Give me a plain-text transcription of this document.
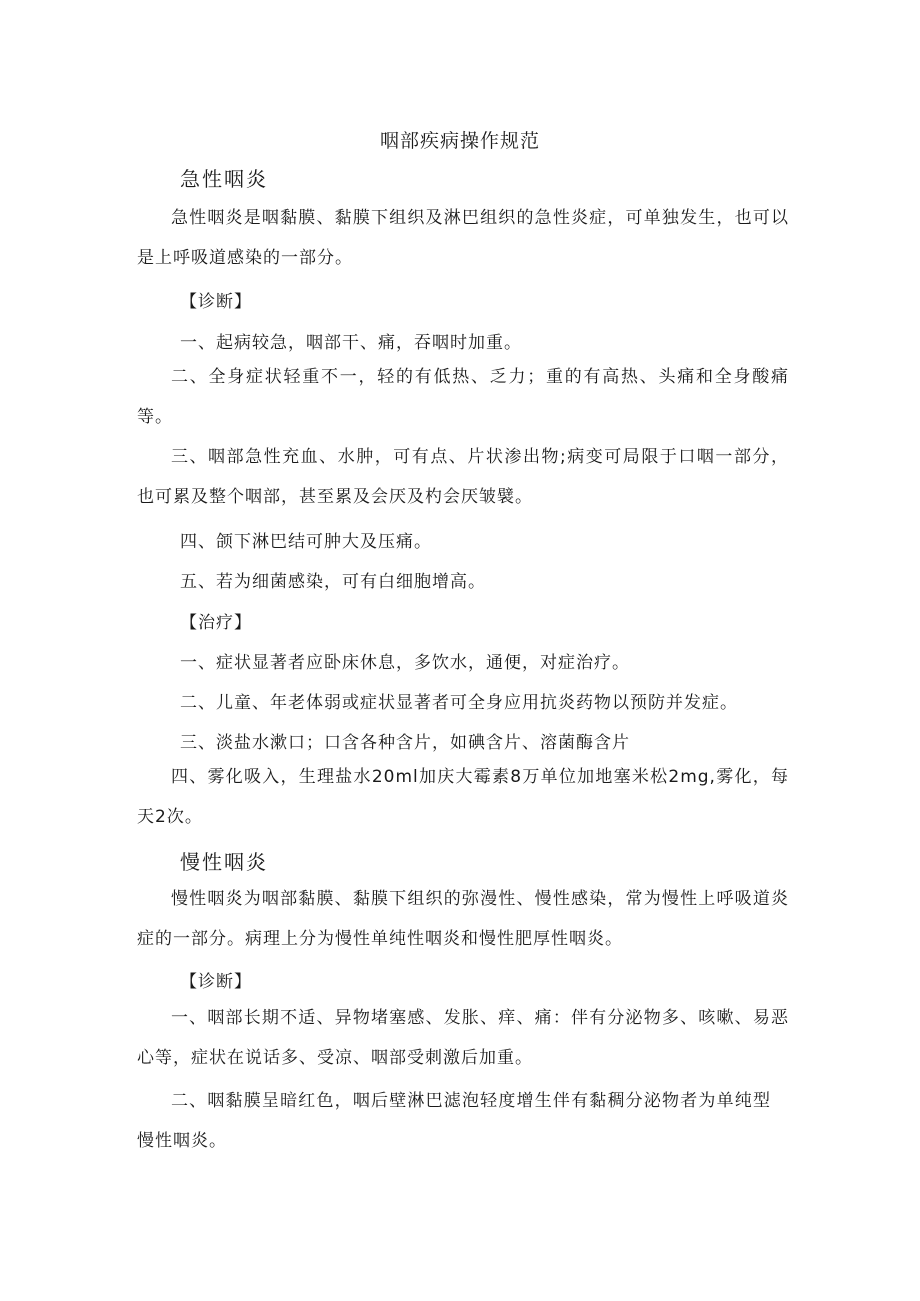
咽部疾病操作规范
急性咽炎

急性咽炎是咽黏膜、黏膜下组织及淋巴组织的急性炎症，可单独发生，也可以是上呼吸道感染的一部分。

【诊断】
一、起病较急，咽部干、痛，吞咽时加重。

二、全身症状轻重不一，轻的有低热、乏力；重的有高热、头痛和全身酸痛等。

三、咽部急性充血、水肿，可有点、片状渗出物;病变可局限于口咽一部分，也可累及整个咽部，甚至累及会厌及杓会厌皱襞。

四、颌下淋巴结可肿大及压痛。
五、若为细菌感染，可有白细胞增高。
【治疗】
一、症状显著者应卧床休息，多饮水，通便，对症治疗。
二、儿童、年老体弱或症状显著者可全身应用抗炎药物以预防并发症。
三、淡盐水漱口；口含各种含片，如碘含片、溶菌酶含片

四、雾化吸入，生理盐水20ml加庆大霉素8万单位加地塞米松2mg,雾化，每天2次。

慢性咽炎

慢性咽炎为咽部黏膜、黏膜下组织的弥漫性、慢性感染，常为慢性上呼吸道炎症的一部分。病理上分为慢性单纯性咽炎和慢性肥厚性咽炎。

【诊断】

一、咽部长期不适、异物堵塞感、发胀、痒、痛：伴有分泌物多、咳嗽、易恶心等，症状在说话多、受凉、咽部受刺激后加重。

二、咽黏膜呈暗红色，咽后壁淋巴滤泡轻度增生伴有黏稠分泌物者为单纯型慢性咽炎。
